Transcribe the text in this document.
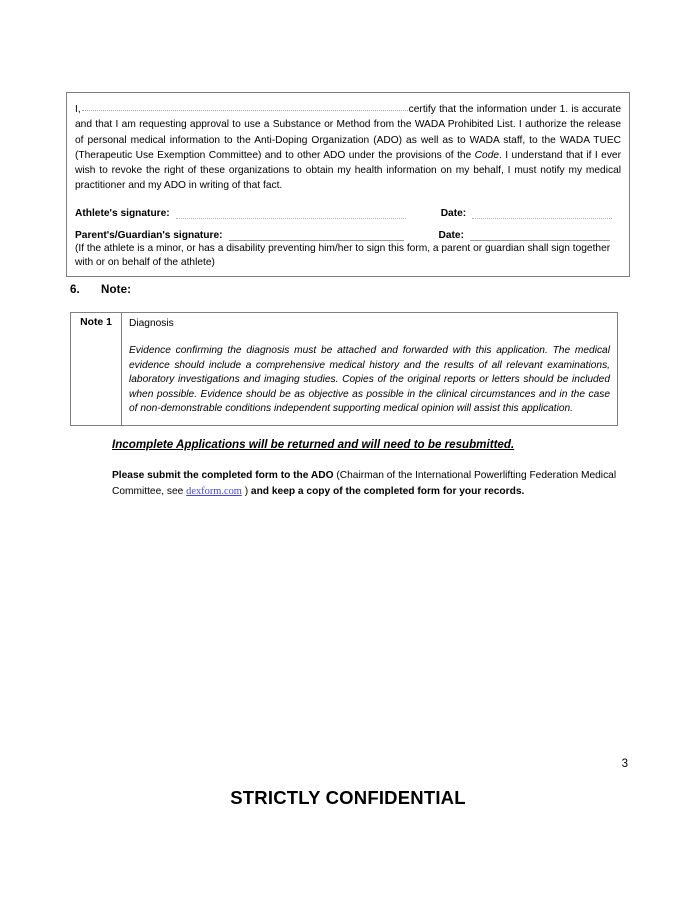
I,	certify that the information under 1. is accurate and that I am requesting approval to use a Substance or Method from the WADA Prohibited List. I authorize the release of personal medical information to the Anti-Doping Organization (ADO) as well as to WADA staff, to the WADA TUEC (Therapeutic Use Exemption Committee) and to other ADO under the provisions of the Code. I understand that if I ever wish to revoke the right of these organizations to obtain my health information on my behalf, I must notify my medical practitioner and my ADO in writing of that fact.

Athlete's signature:	Date:
Parent's/Guardian's signature:	Date:
(If the athlete is a minor, or has a disability preventing him/her to sign this form, a parent or guardian shall sign together with or on behalf of the athlete)
6. Note:
Note 1	Diagnosis
Evidence confirming the diagnosis must be attached and forwarded with this application. The medical evidence should include a comprehensive medical history and the results of all relevant examinations, laboratory investigations and imaging studies. Copies of the original reports or letters should be included when possible. Evidence should be as objective as possible in the clinical circumstances and in the case of non-demonstrable conditions independent supporting medical opinion will assist this application.
Incomplete Applications will be returned and will need to be resubmitted.
Please submit the completed form to the ADO (Chairman of the International Powerlifting Federation Medical Committee, see dexform.com ) and keep a copy of the completed form for your records.
3
STRICTLY CONFIDENTIAL
